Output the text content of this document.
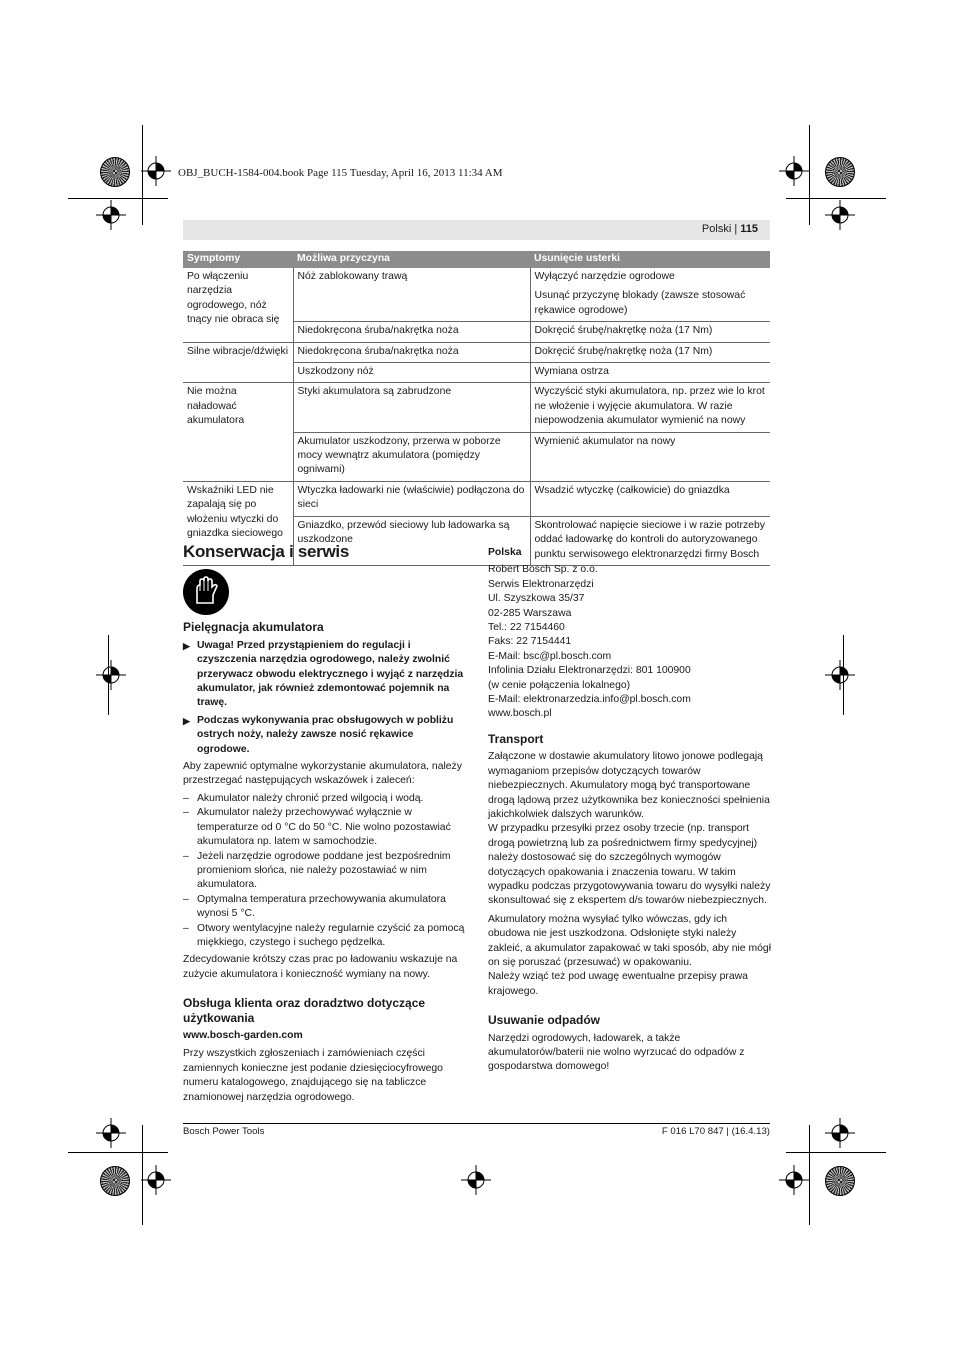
OBJ_BUCH-1584-004.book Page 115 Tuesday, April 16, 2013 11:34 AM
Polski | 115
Symptomy	Możliwa przyczyna	Usunięcie usterki
Po włączeniu narzędzia ogrodowego, nóż tnący nie obraca się	Nóż zablokowany trawą	Wyłączyć narzędzie ogrodowe
		Usunąć przyczynę blokady (zawsze stosować rękawice ogrodowe)
	Niedokręcona śruba/nakrętka noża	Dokręcić śrubę/nakrętkę noża (17 Nm)
Silne wibracje/dźwięki	Niedokręcona śruba/nakrętka noża	Dokręcić śrubę/nakrętkę noża (17 Nm)
	Uszkodzony nóż	Wymiana ostrza
Nie można naładować akumulatora	Styki akumulatora są zabrudzone	Wyczyścić styki akumulatora, np. przez wie lo krot ne włożenie i wyjęcie akumulatora. W razie niepowodzenia akumulator wymienić na nowy
	Akumulator uszkodzony, przerwa w poborze mocy wewnątrz akumulatora (pomiędzy ogniwami)	Wymienić akumulator na nowy
Wskaźniki LED nie zapalają się po włożeniu wtyczki do gniazdka sieciowego	Wtyczka ładowarki nie (właściwie) podłączona do sieci	Wsadzić wtyczkę (całkowicie) do gniazdka
	Gniazdko, przewód sieciowy lub ładowarka są uszkodzone	Skontrolować napięcie sieciowe i w razie potrzeby oddać ładowarkę do kontroli do autoryzowanego punktu serwisowego elektronarzędzi firmy Bosch
Konserwacja i serwis
Pielęgnacja akumulatora
▶ Uwaga! Przed przystąpieniem do regulacji i czyszczenia narzędzia ogrodowego, należy zwolnić przerywacz obwodu elektrycznego i wyjąć z narzędzia akumulator, jak również zdemontować pojemnik na trawę.
▶ Podczas wykonywania prac obsługowych w pobliżu ostrych noży, należy zawsze nosić rękawice ogrodowe.

Aby zapewnić optymalne wykorzystanie akumulatora, należy przestrzegać następujących wskazówek i zaleceń:

– Akumulator należy chronić przed wilgocią i wodą.
– Akumulator należy przechowywać wyłącznie w temperaturze od 0 °C do 50 °C. Nie wolno pozostawiać akumulatora np. latem w samochodzie.
– Jeżeli narzędzie ogrodowe poddane jest bezpośrednim promieniom słońca, nie należy pozostawiać w nim akumulatora.
– Optymalna temperatura przechowywania akumulatora wynosi 5 °C.
– Otwory wentylacyjne należy regularnie czyścić za pomocą miękkiego, czystego i suchego pędzelka.

Zdecydowanie krótszy czas prac po ładowaniu wskazuje na zużycie akumulatora i konieczność wymiany na nowy.

Obsługa klienta oraz doradztwo dotyczące użytkowania

www.bosch-garden.com

Przy wszystkich zgłoszeniach i zamówieniach części zamiennych konieczne jest podanie dziesięciocyfrowego numeru katalogowego, znajdującego się na tabliczce znamionowej narzędzia ogrodowego.

Polska

Robert Bosch Sp. z o.o.
Serwis Elektronarzędzi
Ul. Szyszkowa 35/37
02-285 Warszawa
Tel.: 22 7154460
Faks: 22 7154441
E-Mail: bsc@pl.bosch.com
Infolinia Działu Elektronarzędzi: 801 100900
(w cenie połączenia lokalnego)
E-Mail: elektronarzedzia.info@pl.bosch.com
www.bosch.pl
Transport

Załączone w dostawie akumulatory litowo jonowe podlegają wymaganiom przepisów dotyczących towarów niebezpiecznych. Akumulatory mogą być transportowane drogą lądową przez użytkownika bez konieczności spełnienia jakichkolwiek dalszych warunków.

W przypadku przesyłki przez osoby trzecie (np. transport drogą powietrzną lub za pośrednictwem firmy spedycyjnej) należy dostosować się do szczególnych wymogów dotyczących opakowania i znaczenia towaru. W takim wypadku podczas przygotowywania towaru do wysyłki należy skonsultować się z ekspertem d/s towarów niebezpiecznych.

Akumulatory można wysyłać tylko wówczas, gdy ich obudowa nie jest uszkodzona. Odsłonięte styki należy zakleić, a akumulator zapakować w taki sposób, aby nie mógł on się poruszać (przesuwać) w opakowaniu.

Należy wziąć też pod uwagę ewentualne przepisy prawa krajowego.

Usuwanie odpadów

Narzędzi ogrodowych, ładowarek, a także akumulatorów/baterii nie wolno wyrzucać do odpadów z gospodarstwa domowego!

Bosch Power Tools	F 016 L70 847 | (16.4.13)
